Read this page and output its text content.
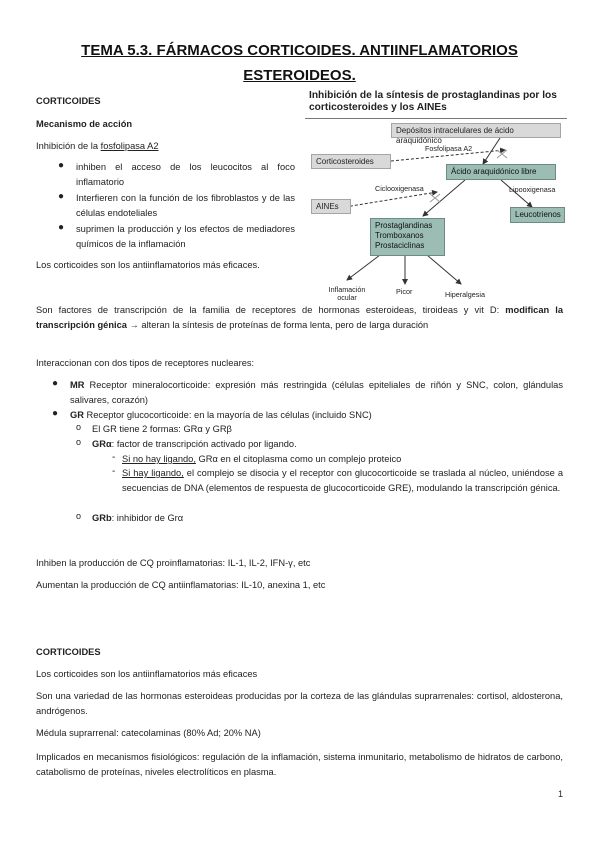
TEMA 5.3. FÁRMACOS CORTICOIDES. ANTIINFLAMATORIOS
ESTEROIDEOS.
CORTICOIDES
Mecanismo de acción
Inhibición de la fosfolipasa A2
● inhiben el acceso de los leucocitos al foco inflamatorio
● Interfieren con la función de los fibroblastos y de las células endoteliales
● suprimen la producción y los efectos de mediadores químicos de la inflamación
Los corticoides son los antiinflamatorios más eficaces.
Inhibición de la síntesis de prostaglandinas por los corticosteroides y los AINEs
Depósitos intracelulares de ácido araquidónico
Fosfolipasa A2
Corticosteroides
Ácido araquidónico libre
Ciclooxigenasa	Lipooxigenasa
AINEs
Leucotrienos
Prostaglandinas
Tromboxanos
Prostaciclinas
Inflamación ocular
Picor	Hiperalgesia
Son factores de transcripción de la familia de receptores de hormonas esteroideas, tiroideas y vit D: modifican la transcripción génica → alteran la síntesis de proteínas de forma lenta, pero de larga duración
Interaccionan con dos tipos de receptores nucleares:
● MR Receptor mineralocorticoide: expresión más restringida (células epiteliales de riñón y SNC, colon, glándulas salivares, corazón)
● GR Receptor glucocorticoide: en la mayoría de las células (incluido SNC)
o El GR tiene 2 formas: GRα y GRβ
o GRα: factor de transcripción activado por ligando.
- Si no hay ligando, GRα en el citoplasma como un complejo proteico
- Si hay ligando, el complejo se disocia y el receptor con glucocorticoide se traslada al núcleo, uniéndose a secuencias de DNA (elementos de respuesta de glucocorticoide GRE), modulando la transcripción génica.
o GRb: inhibidor de Grα
Inhiben la producción de CQ proinflamatorias: IL-1, IL-2, IFN-γ, etc
Aumentan la producción de CQ antiinflamatorias: IL-10, anexina 1, etc
CORTICOIDES
Los corticoides son los antiinflamatorios más eficaces
Son una variedad de las hormonas esteroideas producidas por la corteza de las glándulas suprarrenales: cortisol, aldosterona, andrógenos.
Médula suprarrenal: catecolaminas (80% Ad; 20% NA)
Implicados en mecanismos fisiológicos: regulación de la inflamación, sistema inmunitario, metabolismo de hidratos de carbono, catabolismo de proteínas, niveles electrolíticos en plasma.
1
